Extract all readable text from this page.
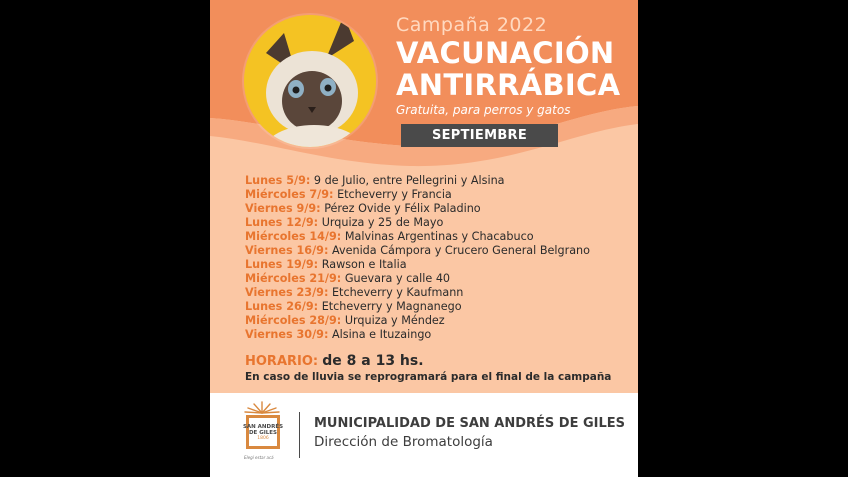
Campaña 2022
VACUNACIÓN
ANTIRRÁBICA
Gratuita, para perros y gatos
SEPTIEMBRE
Lunes 5/9: 9 de Julio, entre Pellegrini y Alsina
Miércoles 7/9: Etcheverry y Francia
Viernes 9/9: Pérez Ovide y Félix Paladino
Lunes 12/9: Urquiza y 25 de Mayo
Miércoles 14/9: Malvinas Argentinas y Chacabuco
Viernes 16/9: Avenida Cámpora y Crucero General Belgrano
Lunes 19/9: Rawson e Italia
Miércoles 21/9: Guevara y calle 40
Viernes 23/9: Etcheverry y Kaufmann
Lunes 26/9: Etcheverry y Magnanego
Miércoles 28/9: Urquiza y Méndez
Viernes 30/9: Alsina e Ituzaingo
HORARIO: de 8 a 13 hs.
En caso de lluvia se reprogramará para el final de la campaña
SAN ANDRÉS
DE GILES
1806
Elegí estar acá
MUNICIPALIDAD DE SAN ANDRÉS DE GILES
Dirección de Bromatología
